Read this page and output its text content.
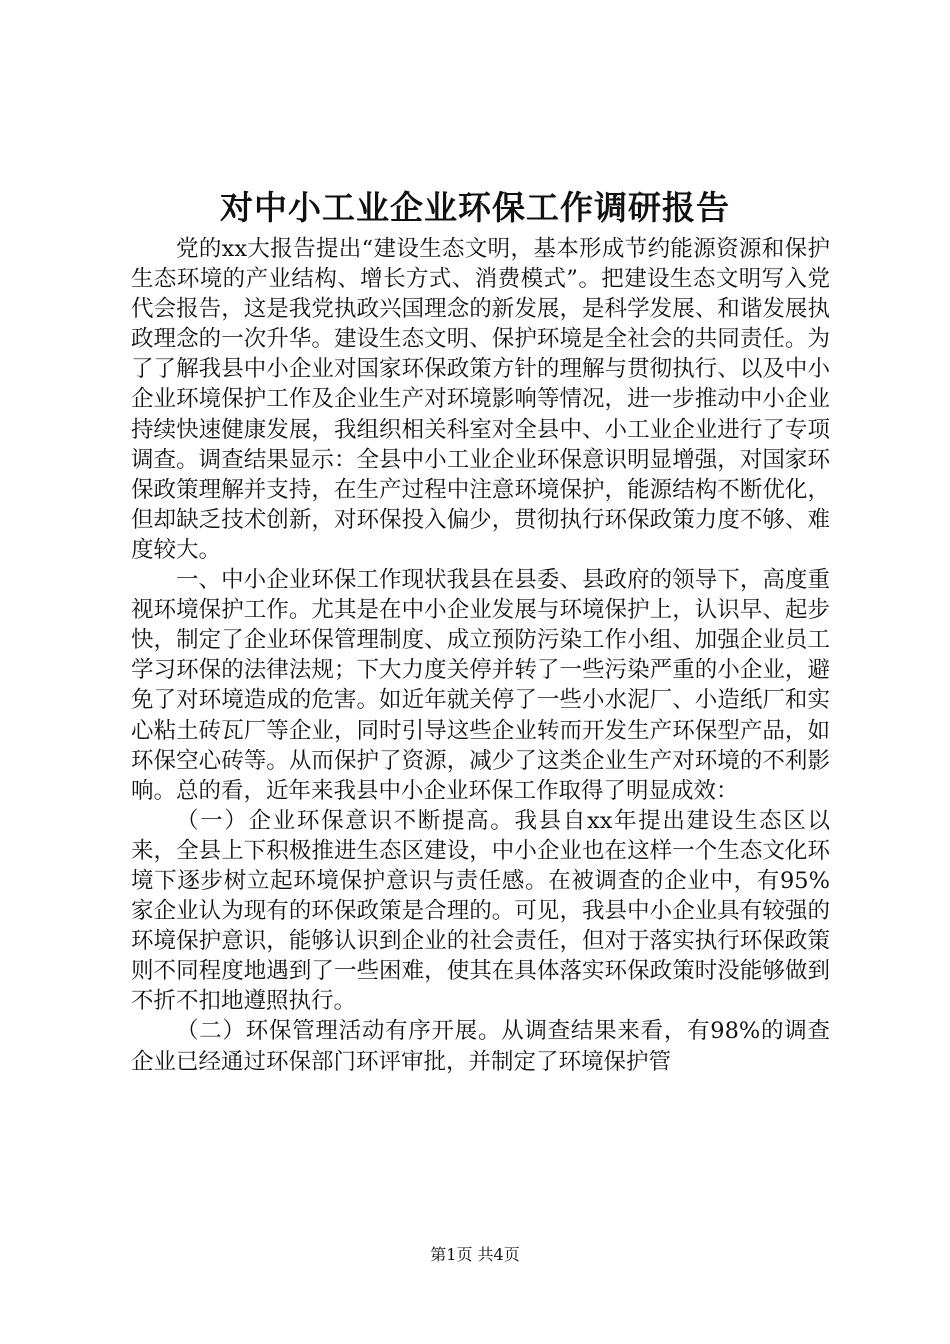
对中小工业企业环保工作调研报告

党的xx大报告提出“建设生态文明，基本形成节约能源资源和保护生态环境的产业结构、增长方式、消费模式”。把建设生态文明写入党代会报告，这是我党执政兴国理念的新发展，是科学发展、和谐发展执政理念的一次升华。建设生态文明、保护环境是全社会的共同责任。为了了解我县中小企业对国家环保政策方针的理解与贯彻执行、以及中小企业环境保护工作及企业生产对环境影响等情况，进一步推动中小企业持续快速健康发展，我组织相关科室对全县中、小工业企业进行了专项调查。调查结果显示：全县中小工业企业环保意识明显增强，对国家环保政策理解并支持，在生产过程中注意环境保护，能源结构不断优化，但却缺乏技术创新，对环保投入偏少，贯彻执行环保政策力度不够、难度较大。

一、中小企业环保工作现状我县在县委、县政府的领导下，高度重视环境保护工作。尤其是在中小企业发展与环境保护上，认识早、起步快，制定了企业环保管理制度、成立预防污染工作小组、加强企业员工学习环保的法律法规；下大力度关停并转了一些污染严重的小企业，避免了对环境造成的危害。如近年就关停了一些小水泥厂、小造纸厂和实心粘土砖瓦厂等企业，同时引导这些企业转而开发生产环保型产品，如环保空心砖等。从而保护了资源，减少了这类企业生产对环境的不利影响。总的看，近年来我县中小企业环保工作取得了明显成效：

（一）企业环保意识不断提高。我县自xx年提出建设生态区以来，全县上下积极推进生态区建设，中小企业也在这样一个生态文化环境下逐步树立起环境保护意识与责任感。在被调查的企业中，有95%家企业认为现有的环保政策是合理的。可见，我县中小企业具有较强的环境保护意识，能够认识到企业的社会责任，但对于落实执行环保政策则不同程度地遇到了一些困难，使其在具体落实环保政策时没能够做到不折不扣地遵照执行。

（二）环保管理活动有序开展。从调查结果来看，有98%的调查企业已经通过环保部门环评审批，并制定了环境保护管

第1页 共4页
